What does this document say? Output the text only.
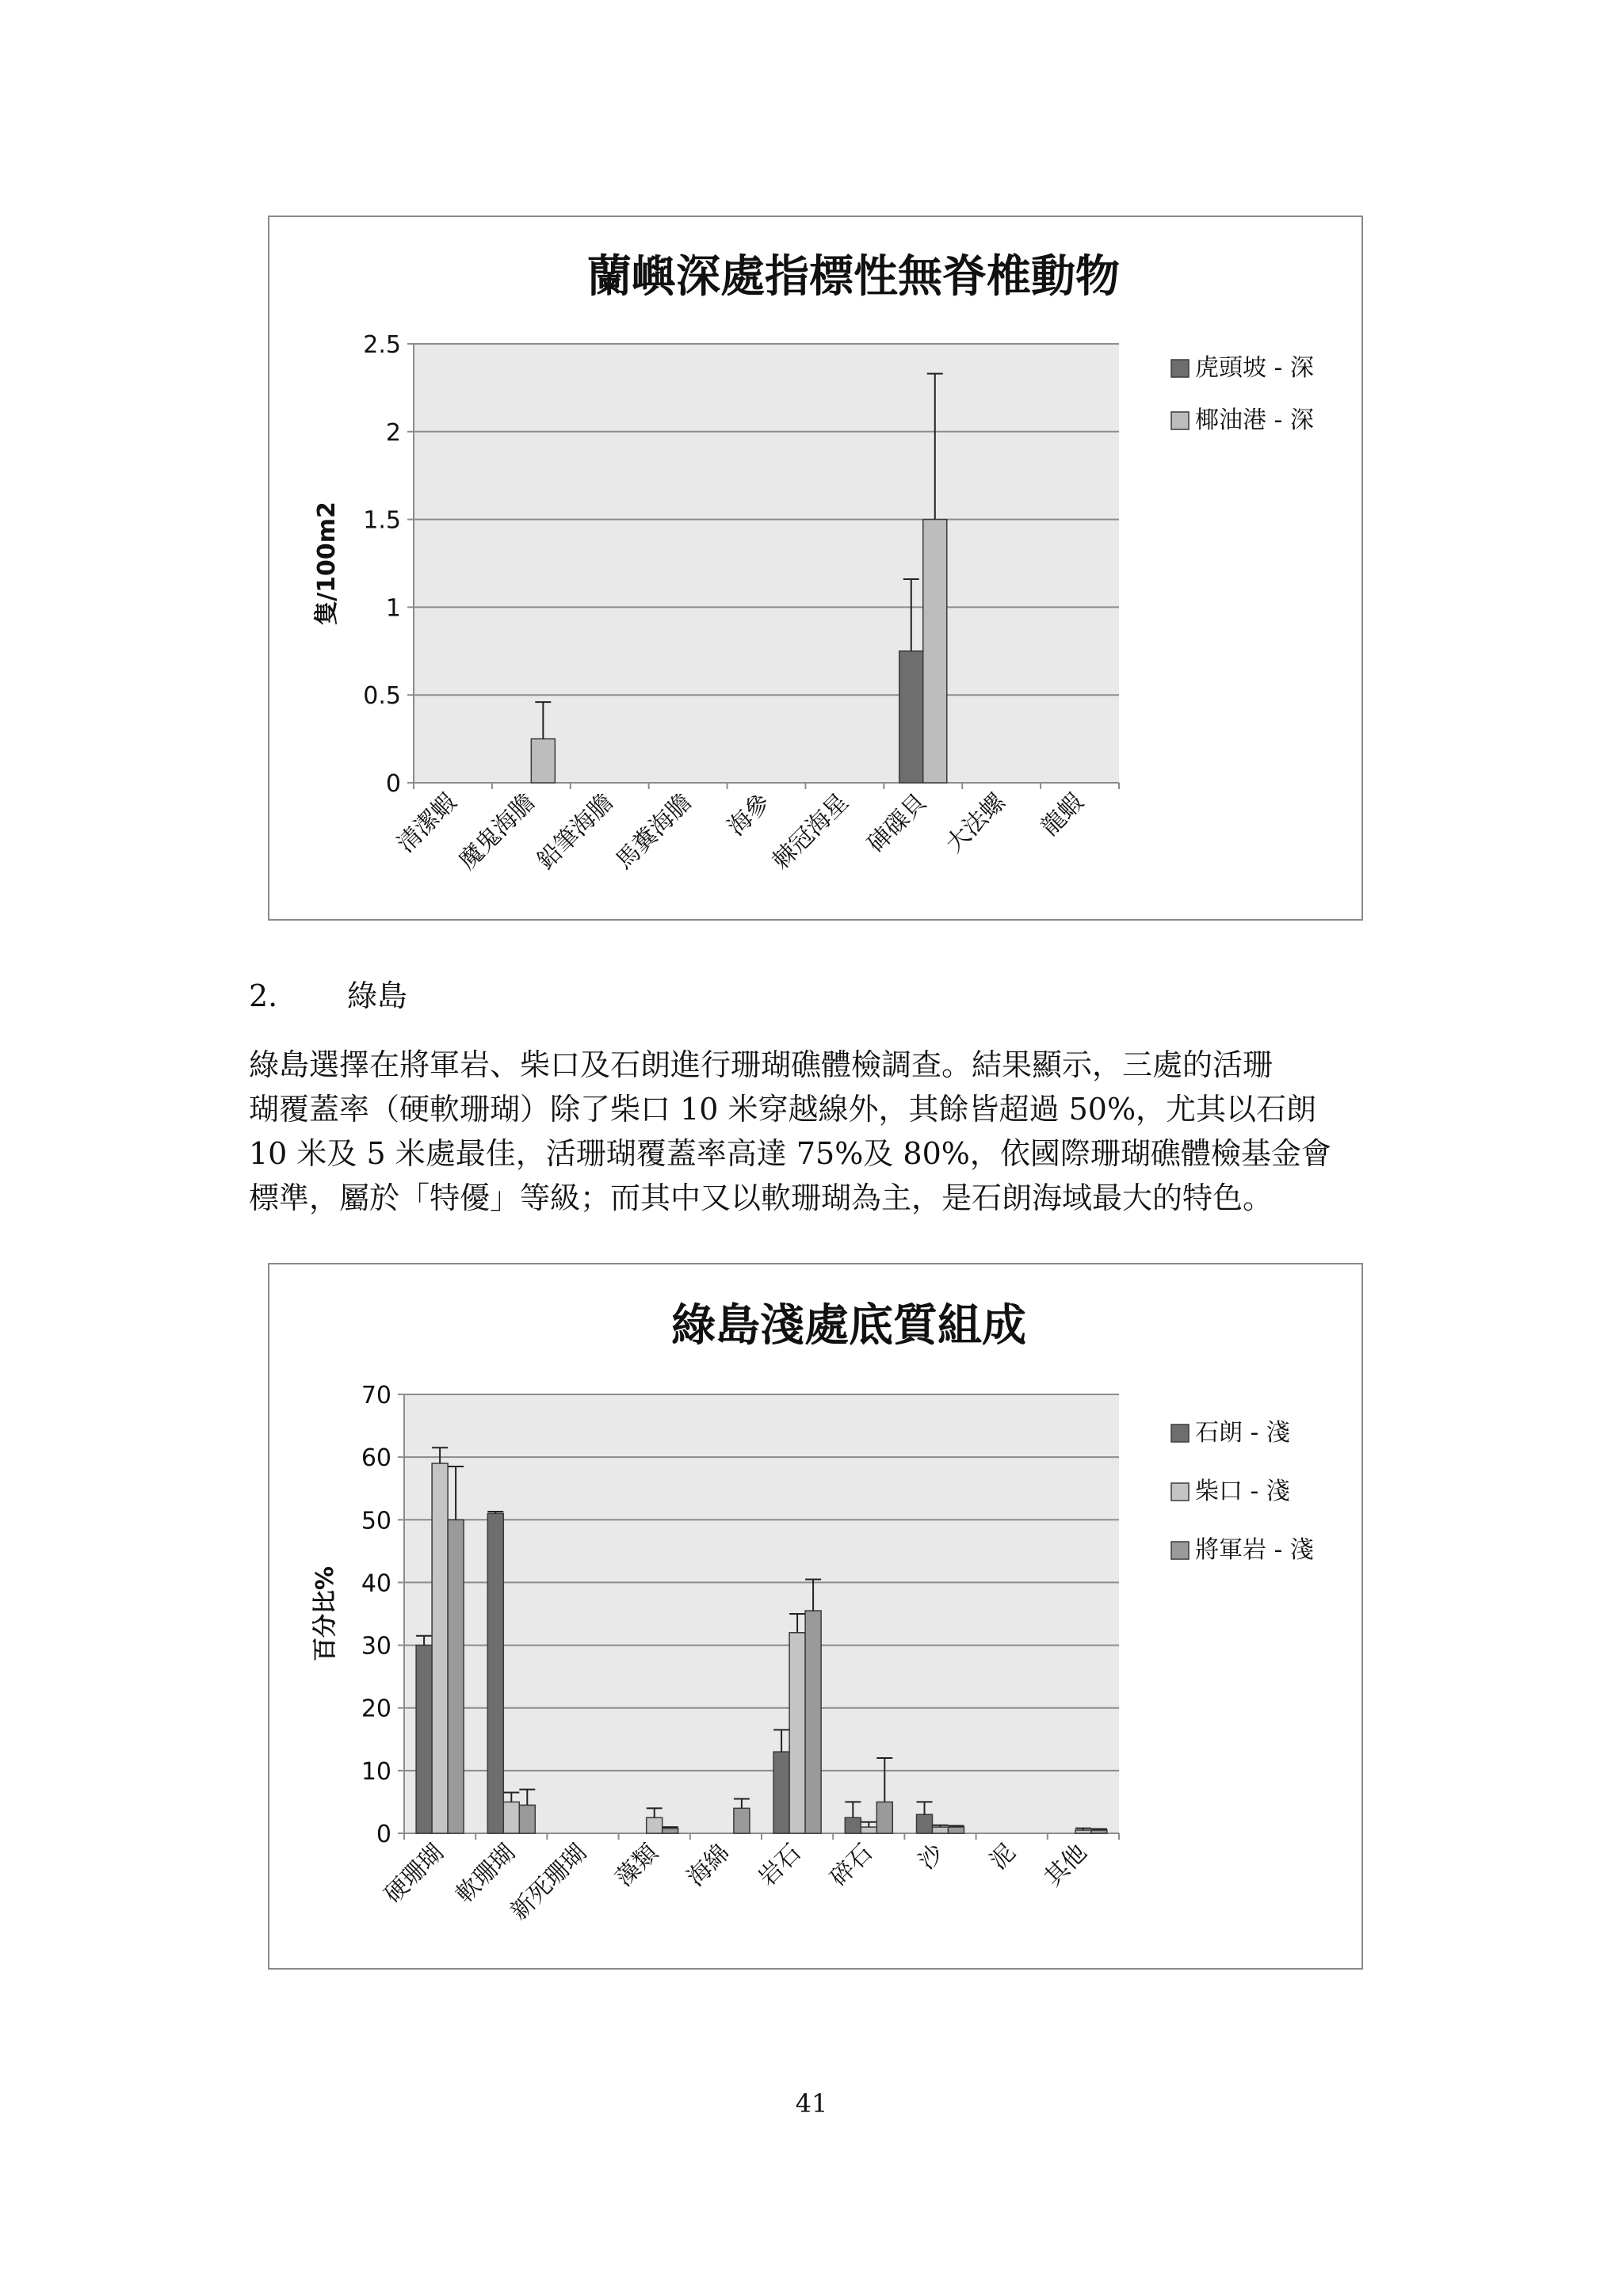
蘭嶼深處指標性無脊椎動物
0
0.5
1
1.5
2
2.5
隻/100m2
清潔蝦
魔鬼海膽
鉛筆海膽
馬糞海膽 海參
棘冠海星 硨磲貝 大法螺 龍蝦
虎頭坡 - 深
椰油港 - 深
2. 綠島
綠島選擇在將軍岩、柴口及石朗進行珊瑚礁體檢調查。結果顯示，三處的活珊
瑚覆蓋率（硬軟珊瑚）除了柴口 10 米穿越線外，其餘皆超過 50%，尤其以石朗
10 米及 5 米處最佳，活珊瑚覆蓋率高達 75%及 80%，依國際珊瑚礁體檢基金會
標準，屬於「特優」等級；而其中又以軟珊瑚為主，是石朗海域最大的特色。
綠島淺處底質組成
0
10
20
30
40
50
60
70
百分比%
硬珊瑚 軟珊瑚
新死珊瑚 藻類 海綿 岩石 碎石 沙 泥 其他
石朗 - 淺
柴口 - 淺
將軍岩 - 淺
41
